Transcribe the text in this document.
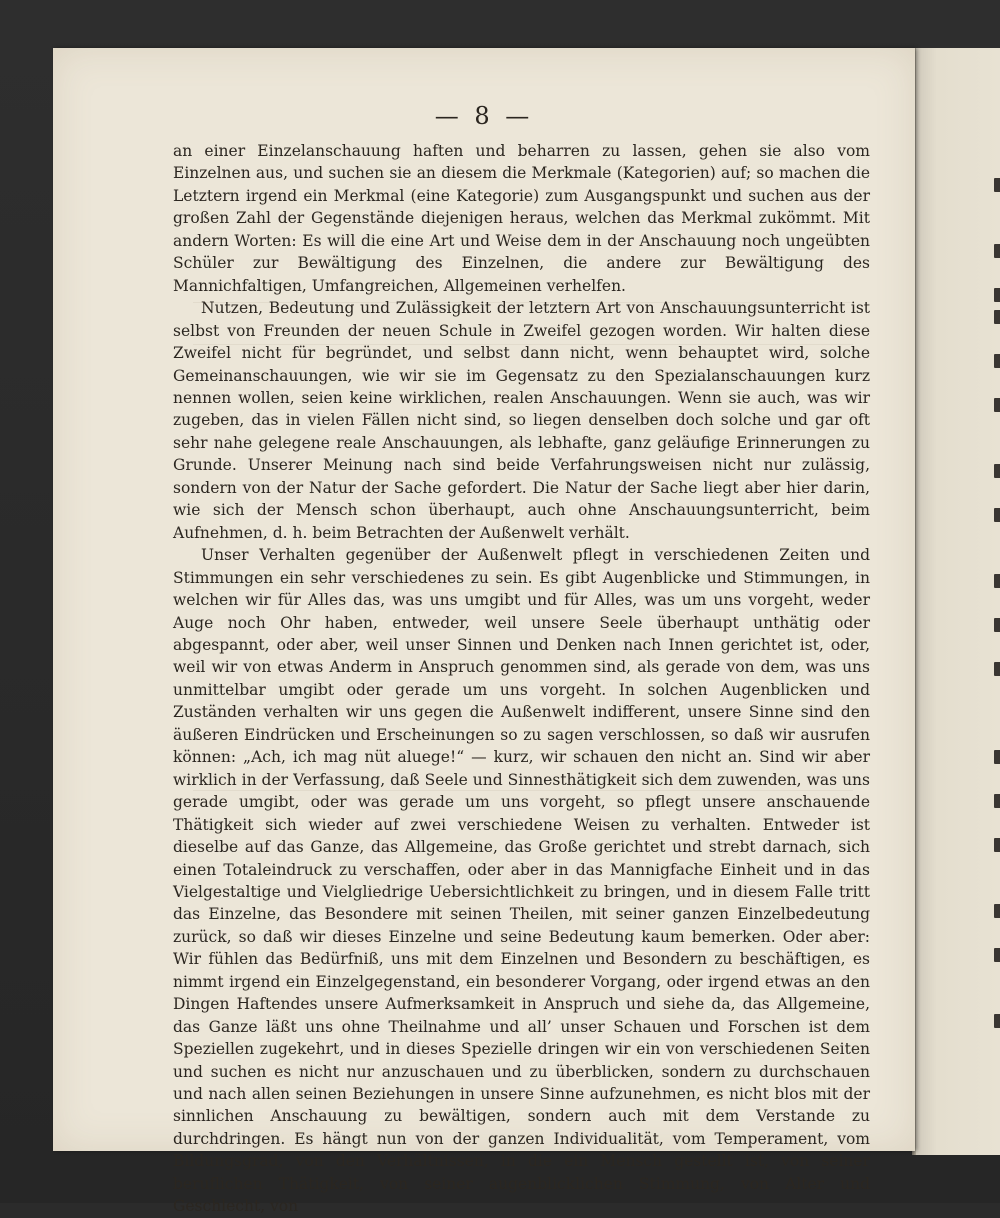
— 8 —

an einer Einzelanschauung haften und beharren zu lassen, gehen sie also vom Einzelnen aus, und suchen sie an diesem die Merkmale (Kategorien) auf; so machen die Letztern irgend ein Merkmal (eine Kategorie) zum Ausgangspunkt und suchen aus der großen Zahl der Gegenstände diejenigen heraus, welchen das Merkmal zukömmt. Mit andern Worten: Es will die eine Art und Weise dem in der Anschauung noch ungeübten Schüler zur Bewältigung des Einzelnen, die andere zur Bewältigung des Mannichfaltigen, Umfangreichen, Allgemeinen verhelfen.

Nutzen, Bedeutung und Zulässigkeit der letztern Art von Anschauungsunterricht ist selbst von Freunden der neuen Schule in Zweifel gezogen worden. Wir halten diese Zweifel nicht für begründet, und selbst dann nicht, wenn behauptet wird, solche Gemeinanschauungen, wie wir sie im Gegensatz zu den Spezialanschauungen kurz nennen wollen, seien keine wirklichen, realen Anschauungen. Wenn sie auch, was wir zugeben, das in vielen Fällen nicht sind, so liegen denselben doch solche und gar oft sehr nahe gelegene reale Anschauungen, als lebhafte, ganz geläufige Erinnerungen zu Grunde. Unserer Meinung nach sind beide Verfahrungsweisen nicht nur zulässig, sondern von der Natur der Sache gefordert. Die Natur der Sache liegt aber hier darin, wie sich der Mensch schon überhaupt, auch ohne Anschauungsunterricht, beim Aufnehmen, d. h. beim Betrachten der Außenwelt verhält.

Unser Verhalten gegenüber der Außenwelt pflegt in verschiedenen Zeiten und Stimmungen ein sehr verschiedenes zu sein. Es gibt Augenblicke und Stimmungen, in welchen wir für Alles das, was uns umgibt und für Alles, was um uns vorgeht, weder Auge noch Ohr haben, entweder, weil unsere Seele überhaupt unthätig oder abgespannt, oder aber, weil unser Sinnen und Denken nach Innen gerichtet ist, oder, weil wir von etwas Anderm in Anspruch genommen sind, als gerade von dem, was uns unmittelbar umgibt oder gerade um uns vorgeht. In solchen Augenblicken und Zuständen verhalten wir uns gegen die Außenwelt indifferent, unsere Sinne sind den äußeren Eindrücken und Erscheinungen so zu sagen verschlossen, so daß wir ausrufen können: „Ach, ich mag nüt aluege!“ — kurz, wir schauen den nicht an. Sind wir aber wirklich in der Verfassung, daß Seele und Sinnesthätigkeit sich dem zuwenden, was uns gerade umgibt, oder was gerade um uns vorgeht, so pflegt unsere anschauende Thätigkeit sich wieder auf zwei verschiedene Weisen zu verhalten. Entweder ist dieselbe auf das Ganze, das Allgemeine, das Große gerichtet und strebt darnach, sich einen Totaleindruck zu verschaffen, oder aber in das Mannigfache Einheit und in das Vielgestaltige und Vielgliedrige Uebersichtlichkeit zu bringen, und in diesem Falle tritt das Einzelne, das Besondere mit seinen Theilen, mit seiner ganzen Einzelbedeutung zurück, so daß wir dieses Einzelne und seine Bedeutung kaum bemerken. Oder aber: Wir fühlen das Bedürfniß, uns mit dem Einzelnen und Besondern zu beschäftigen, es nimmt irgend ein Einzelgegenstand, ein besonderer Vorgang, oder irgend etwas an den Dingen Haftendes unsere Aufmerksamkeit in Anspruch und siehe da, das Allgemeine, das Ganze läßt uns ohne Theilnahme und all’ unser Schauen und Forschen ist dem Speziellen zugekehrt, und in dieses Spezielle dringen wir ein von verschiedenen Seiten und suchen es nicht nur anzuschauen und zu überblicken, sondern zu durchschauen und nach allen seinen Beziehungen in unsere Sinne aufzunehmen, es nicht blos mit der sinnlichen Anschauung zu bewältigen, sondern auch mit dem Verstande zu durchdringen. Es hängt nun von der ganzen Individualität, vom Temperament, vom Bildungsgrad, von den Verhältnissen, in die ein Mensch gestellt ist, von seiner beruflichen Thätigkeit, von seiner augenblicklichen Stimmung, von Alter und Geschlecht, von
